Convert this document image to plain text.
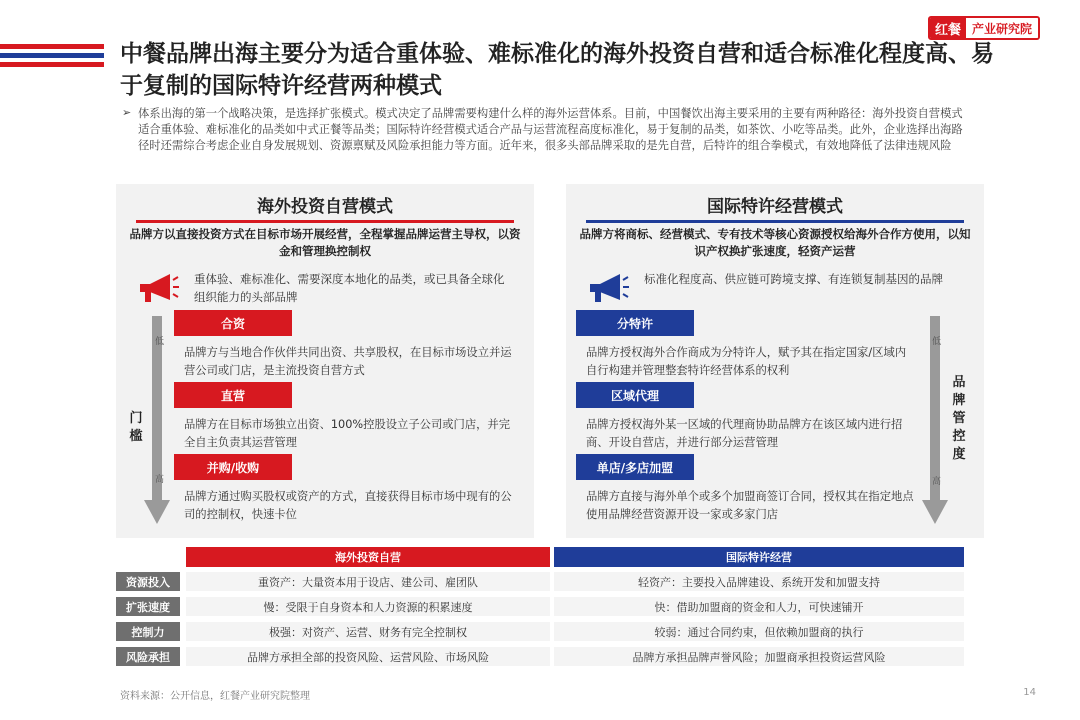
红餐 产业研究院
中餐品牌出海主要分为适合重体验、难标准化的海外投资自营和适合标准化程度高、易于复制的国际特许经营两种模式
➢ 体系出海的第一个战略决策，是选择扩张模式。模式决定了品牌需要构建什么样的海外运营体系。目前，中国餐饮出海主要采用的主要有两种路径：海外投资自营模式适合重体验、难标准化的品类如中式正餐等品类；国际特许经营模式适合产品与运营流程高度标准化，易于复制的品类，如茶饮、小吃等品类。此外，企业选择出海路径时还需综合考虑企业自身发展规划、资源禀赋及风险承担能力等方面。近年来，很多头部品牌采取的是先自营，后特许的组合拳模式，有效地降低了法律违规风险
海外投资自营模式
品牌方以直接投资方式在目标市场开展经营，全程掌握品牌运营主导权，以资金和管理换控制权
重体验、难标准化、需要深度本地化的品类，或已具备全球化组织能力的头部品牌
合资
品牌方与当地合作伙伴共同出资、共享股权，在目标市场设立并运营公司或门店，是主流投资自营方式
直营
品牌方在目标市场独立出资、100%控股设立子公司或门店，并完全自主负责其运营管理
并购/收购
品牌方通过购买股权或资产的方式，直接获得目标市场中现有的公司的控制权，快速卡位
低
门槛
高
国际特许经营模式
品牌方将商标、经营模式、专有技术等核心资源授权给海外合作方使用，以知识产权换扩张速度，轻资产运营
标准化程度高、供应链可跨境支撑、有连锁复制基因的品牌
分特许
品牌方授权海外合作商成为分特许人，赋予其在指定国家/区域内自行构建并管理整套特许经营体系的权利
区域代理
品牌方授权海外某一区域的代理商协助品牌方在该区域内进行招商、开设自营店，并进行部分运营管理
单店/多店加盟
品牌方直接与海外单个或多个加盟商签订合同，授权其在指定地点使用品牌经营资源开设一家或多家门店
低
品牌管控度
高
海外投资自营	国际特许经营
资源投入	重资产：大量资本用于设店、建公司、雇团队	轻资产：主要投入品牌建设、系统开发和加盟支持
扩张速度	慢：受限于自身资本和人力资源的积累速度	快：借助加盟商的资金和人力，可快速铺开
控制力	极强：对资产、运营、财务有完全控制权	较弱：通过合同约束，但依赖加盟商的执行
风险承担	品牌方承担全部的投资风险、运营风险、市场风险	品牌方承担品牌声誉风险；加盟商承担投资运营风险
资料来源：公开信息，红餐产业研究院整理	14
